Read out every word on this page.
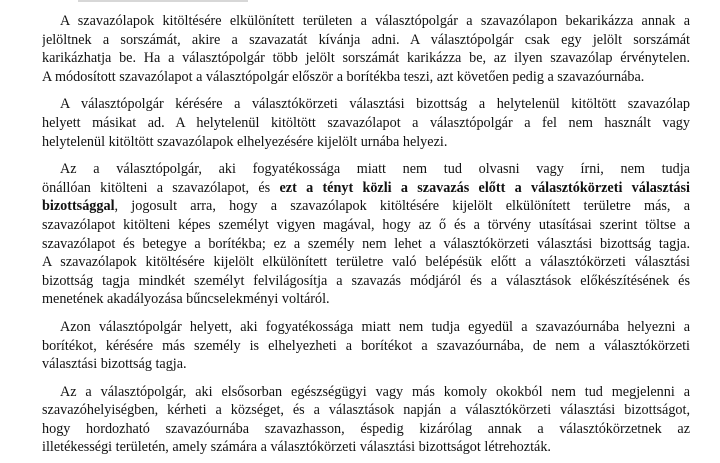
A szavazólapok kitöltésére elkülönített területen a választópolgár a szavazólapon bekarikázza annak a
jelöltnek a sorszámát, akire a szavazatát kívánja adni. A választópolgár csak egy jelölt sorszámát
karikázhatja be. Ha a választópolgár több jelölt sorszámát karikázza be, az ilyen szavazólap érvénytelen.
A módosított szavazólapot a választópolgár először a borítékba teszi, azt követően pedig a szavazóurnába.
A választópolgár kérésére a választókörzeti választási bizottság a helytelenül kitöltött szavazólap
helyett másikat ad. A helytelenül kitöltött szavazólapot a választópolgár a fel nem használt vagy
helytelenül kitöltött szavazólapok elhelyezésére kijelölt urnába helyezi.
Az a választópolgár, aki fogyatékossága miatt nem tud olvasni vagy írni, nem tudja
önállóan kitölteni a szavazólapot, és ezt a tényt közli a szavazás előtt a választókörzeti választási
bizottsággal, jogosult arra, hogy a szavazólapok kitöltésére kijelölt elkülönített területre más, a
szavazólapot kitölteni képes személyt vigyen magával, hogy az ő és a törvény utasításai szerint töltse a
szavazólapot és betegye a borítékba; ez a személy nem lehet a választókörzeti választási bizottság tagja.
A szavazólapok kitöltésére kijelölt elkülönített területre való belépésük előtt a választókörzeti választási
bizottság tagja mindkét személyt felvilágosítja a szavazás módjáról és a választások előkészítésének és
menetének akadályozása bűncselekményi voltáról.
Azon választópolgár helyett, aki fogyatékossága miatt nem tudja egyedül a szavazóurnába helyezni a
borítékot, kérésére más személy is elhelyezheti a borítékot a szavazóurnába, de nem a választókörzeti
választási bizottság tagja.
Az a választópolgár, aki elsősorban egészségügyi vagy más komoly okokból nem tud megjelenni a
szavazóhelyiségben, kérheti a községet, és a választások napján a választókörzeti választási bizottságot,
hogy hordozható szavazóurnába szavazhasson, éspedig kizárólag annak a választókörzetnek az
illetékességi területén, amely számára a választókörzeti választási bizottságot létrehozták.
